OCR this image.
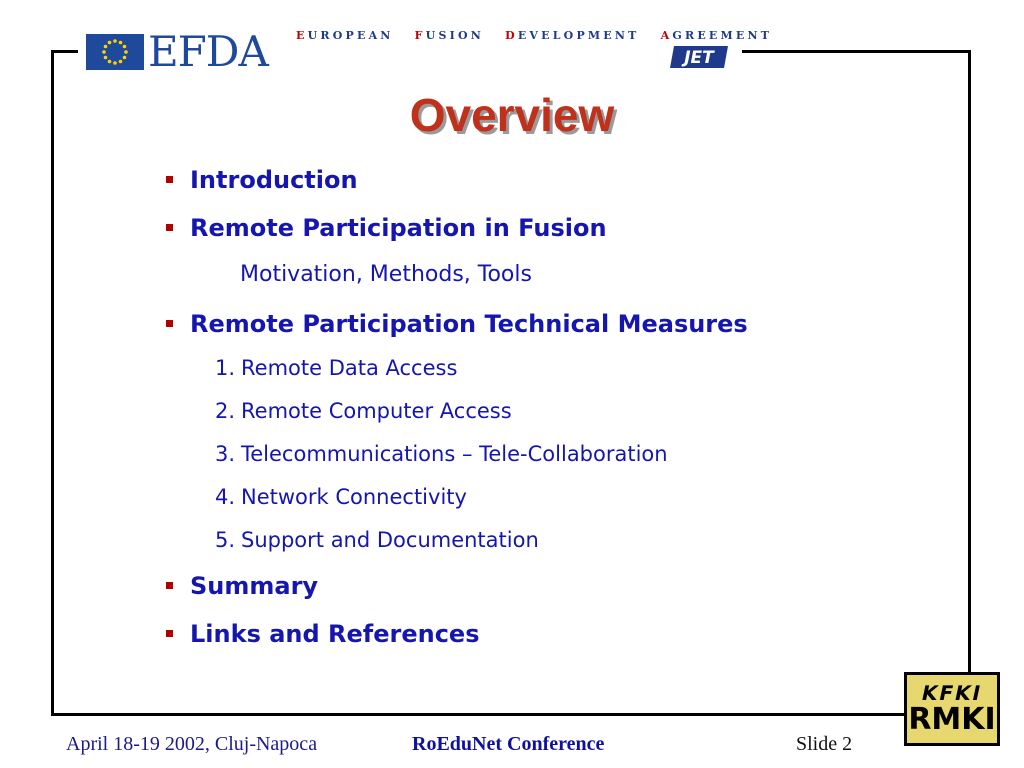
EFDA	EUROPEAN FUSION DEVELOPMENT AGREEMENT
JET
Overview
Introduction
Remote Participation in Fusion
Motivation, Methods, Tools
Remote Participation Technical Measures
1. Remote Data Access
2. Remote Computer Access
3. Telecommunications – Tele-Collaboration
4. Network Connectivity
5. Support and Documentation
Summary
Links and References
KFKI
RMKI
April 18-19 2002, Cluj-Napoca	RoEduNet Conference	Slide 2
